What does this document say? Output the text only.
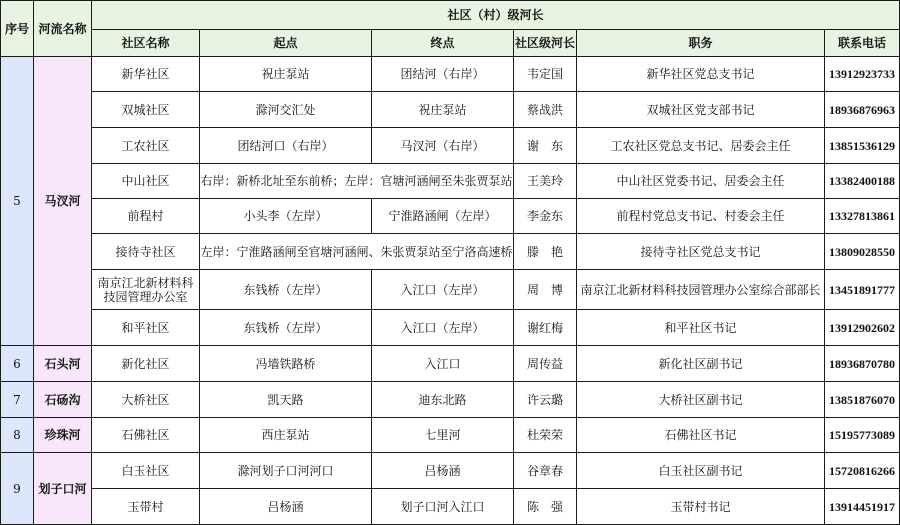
序号	河流名称	社区（村）级河长					
		社区名称	起点	终点	社区级河长	职务	联系电话
5	马汊河	新华社区	祝庄泵站	团结河（右岸）	韦定国	新华社区党总支书记	13912923733
		双城社区	滁河交汇处	祝庄泵站	蔡战洪	双城社区党支部书记	18936876963
		工农社区	团结河口（右岸）	马汊河（右岸）	谢　东	工农社区党总支书记、居委会主任	13851536129
		中山社区	右岸：新桥北址至东前桥；左岸：官塘河涵闸至朱张贾泵站		王美玲	中山社区党委书记、居委会主任	13382400188
		前程村	小头李（左岸）	宁淮路涵闸（左岸）	李金东	前程村党总支书记、村委会主任	13327813861
		接待寺社区	左岸：宁淮路涵闸至官塘河涵闸、朱张贾泵站至宁洛高速桥		滕　艳	接待寺社区党总支书记	13809028550
		南京江北新材料科技园管理办公室	东钱桥（左岸）	入江口（左岸）	周　博	南京江北新材料科技园管理办公室综合部部长	13451891777
		和平社区	东钱桥（左岸）	入江口（左岸）	谢红梅	和平社区书记	13912902602
6	石头河	新化社区	冯墙铁路桥	入江口	周传益	新化社区副书记	18936870780
7	石砀沟	大桥社区	凯天路	迪东北路	许云璐	大桥社区副书记	13851876070
8	珍珠河	石佛社区	西庄泵站	七里河	杜荣荣	石佛社区书记	15195773089
9	划子口河	白玉社区	滁河划子口河河口	吕杨涵	谷章春	白玉社区副书记	15720816266
		玉带村	吕杨涵	划子口河入江口	陈　强	玉带村书记	13914451917
